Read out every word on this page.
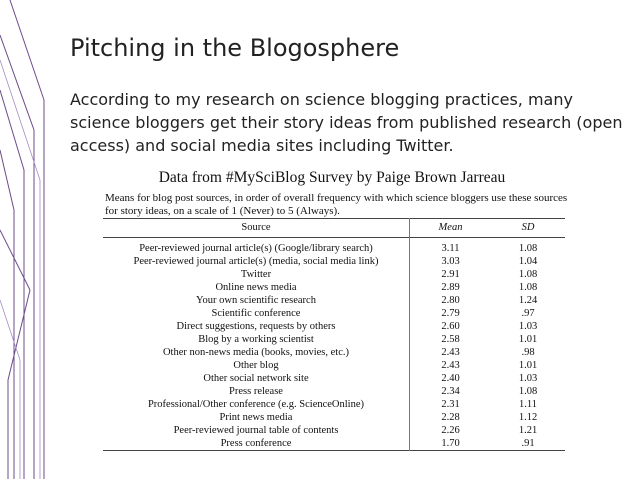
Pitching in the Blogosphere

According to my research on science blogging practices, many science bloggers get their story ideas from published research (open access) and social media sites including Twitter.

Data from #MySciBlog Survey by Paige Brown Jarreau
Means for blog post sources, in order of overall frequency with which science bloggers use these sources for story ideas, on a scale of 1 (Never) to 5 (Always).
Source	Mean	SD
Peer-reviewed journal article(s) (Google/library search)	3.11	1.08
Peer-reviewed journal article(s) (media, social media link)	3.03	1.04
Twitter	2.91	1.08
Online news media	2.89	1.08
Your own scientific research	2.80	1.24
Scientific conference	2.79	.97
Direct suggestions, requests by others	2.60	1.03
Blog by a working scientist	2.58	1.01
Other non-news media (books, movies, etc.)	2.43	.98
Other blog	2.43	1.01
Other social network site	2.40	1.03
Press release	2.34	1.08
Professional/Other conference (e.g. ScienceOnline)	2.31	1.11
Print news media	2.28	1.12
Peer-reviewed journal table of contents	2.26	1.21
Press conference	1.70	.91
